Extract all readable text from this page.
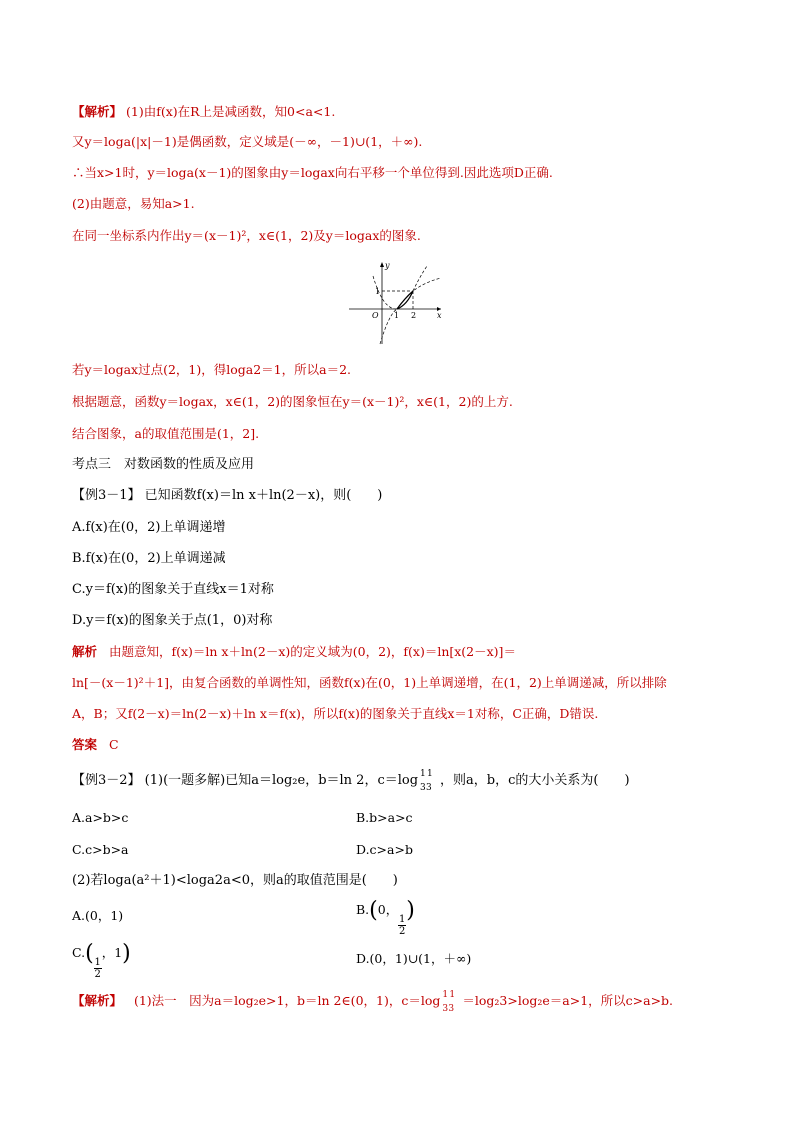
【解析】 (1)由f(x)在R上是减函数，知0<a<1.
又y＝loga(|x|－1)是偶函数，定义域是(－∞，－1)∪(1，＋∞).
∴当x>1时，y＝loga(x－1)的图象由y＝logax向右平移一个单位得到.因此选项D正确.
(2)由题意，易知a>1.
在同一坐标系内作出y＝(x－1)²，x∈(1，2)及y＝logax的图象.
y
x
O
1
1 2
若y＝logax过点(2，1)，得loga2＝1，所以a＝2.
根据题意，函数y＝logax，x∈(1，2)的图象恒在y＝(x－1)²，x∈(1，2)的上方.
结合图象，a的取值范围是(1，2].
考点三　对数函数的性质及应用
【例3－1】 已知函数f(x)＝ln x＋ln(2－x)，则(　　)
A.f(x)在(0，2)上单调递增
B.f(x)在(0，2)上单调递减
C.y＝f(x)的图象关于直线x＝1对称
D.y＝f(x)的图象关于点(1，0)对称
解析 由题意知，f(x)＝ln x＋ln(2－x)的定义域为(0，2)，f(x)＝ln[x(2－x)]＝
ln[－(x－1)²＋1]，由复合函数的单调性知，函数f(x)在(0，1)上单调递增，在(1，2)上单调递减，所以排除
A，B；又f(2－x)＝ln(2－x)＋ln x＝f(x)，所以f(x)的图象关于直线x＝1对称，C正确，D错误.
答案 C
【例3－2】 (1)(一题多解)已知a＝log₂e，b＝ln 2，c＝log 1 1
3 3 ，则a，b，c的大小关系为(　　)
A.a>b>c	B.b>a>c
C.c>b>a	D.c>a>b
(2)若loga(a²＋1)<loga2a<0，则a的取值范围是(　　)
A.(0，1)	B.(0，
$\frac{1}{2}$
)
C.(
$\frac{1}{2}$
，1)	D.(0，1)∪(1，＋∞)
【解析】 (1)法一　因为a＝log₂e>1，b＝ln 2∈(0，1)，c＝log 1 1
3 3
＝log₂3>log₂e＝a>1，所以c>a>b.
